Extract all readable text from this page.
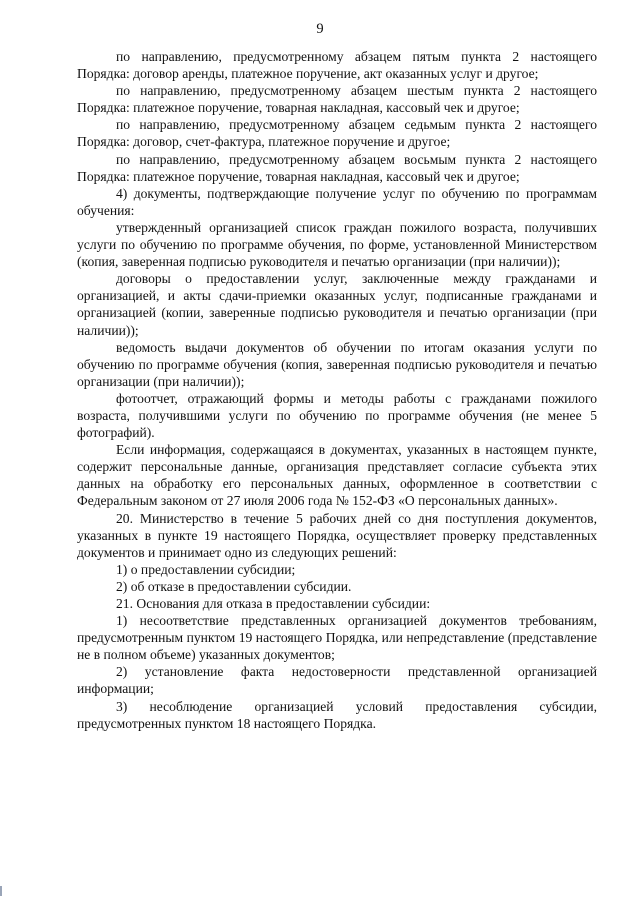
9

по направлению, предусмотренному абзацем пятым пункта 2 настоящего Порядка: договор аренды, платежное поручение, акт оказанных услуг и другое;

по направлению, предусмотренному абзацем шестым пункта 2 настоящего Порядка: платежное поручение, товарная накладная, кассовый чек и другое;

по направлению, предусмотренному абзацем седьмым пункта 2 настоящего Порядка: договор, счет-фактура, платежное поручение и другое;

по направлению, предусмотренному абзацем восьмым пункта 2 настоящего Порядка: платежное поручение, товарная накладная, кассовый чек и другое;

4) документы, подтверждающие получение услуг по обучению по программам обучения:

утвержденный организацией список граждан пожилого возраста, получивших услуги по обучению по программе обучения, по форме, установленной Министерством (копия, заверенная подписью руководителя и печатью организации (при наличии));

договоры о предоставлении услуг, заключенные между гражданами и организацией, и акты сдачи-приемки оказанных услуг, подписанные гражданами и организацией (копии, заверенные подписью руководителя и печатью организации (при наличии));

ведомость выдачи документов об обучении по итогам оказания услуги по обучению по программе обучения (копия, заверенная подписью руководителя и печатью организации (при наличии));

фотоотчет, отражающий формы и методы работы с гражданами пожилого возраста, получившими услуги по обучению по программе обучения (не менее 5 фотографий).

Если информация, содержащаяся в документах, указанных в настоящем пункте, содержит персональные данные, организация представляет согласие субъекта этих данных на обработку его персональных данных, оформленное в соответствии с Федеральным законом от 27 июля 2006 года № 152-ФЗ «О персональных данных».

20. Министерство в течение 5 рабочих дней со дня поступления документов, указанных в пункте 19 настоящего Порядка, осуществляет проверку представленных документов и принимает одно из следующих решений:

1) о предоставлении субсидии;

2) об отказе в предоставлении субсидии.

21. Основания для отказа в предоставлении субсидии:

1) несоответствие представленных организацией документов требованиям, предусмотренным пунктом 19 настоящего Порядка, или непредставление (представление не в полном объеме) указанных документов;

2) установление факта недостоверности представленной организацией информации;

3) несоблюдение организацией условий предоставления субсидии, предусмотренных пунктом 18 настоящего Порядка.
